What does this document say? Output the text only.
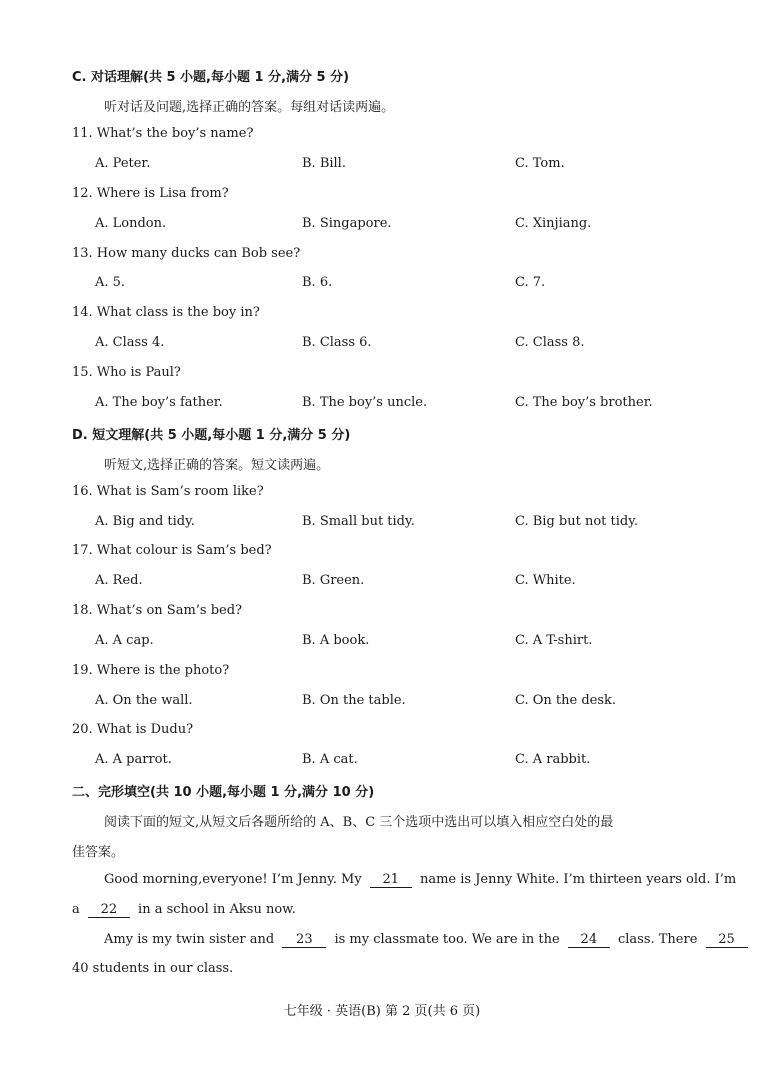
C. 对话理解(共 5 小题,每小题 1 分,满分 5 分)
听对话及问题,选择正确的答案。每组对话读两遍。
11. What’s the boy’s name?
A. Peter.	B. Bill.	C. Tom.
12. Where is Lisa from?
A. London.	B. Singapore.	C. Xinjiang.
13. How many ducks can Bob see?
A. 5.	B. 6.	C. 7.
14. What class is the boy in?
A. Class 4.	B. Class 6.	C. Class 8.
15. Who is Paul?
A. The boy’s father.	B. The boy’s uncle.	C. The boy’s brother.
D. 短文理解(共 5 小题,每小题 1 分,满分 5 分)
听短文,选择正确的答案。短文读两遍。
16. What is Sam’s room like?
A. Big and tidy.	B. Small but tidy.	C. Big but not tidy.
17. What colour is Sam’s bed?
A. Red.	B. Green.	C. White.
18. What’s on Sam’s bed?
A. A cap.	B. A book.	C. A T-shirt.
19. Where is the photo?
A. On the wall.	B. On the table.	C. On the desk.
20. What is Dudu?
A. A parrot.	B. A cat.	C. A rabbit.
二、完形填空(共 10 小题,每小题 1 分,满分 10 分)
阅读下面的短文,从短文后各题所给的 A、B、C 三个选项中选出可以填入相应空白处的最
佳答案。
Good morning,everyone! I’m Jenny. My 21 name is Jenny White. I’m thirteen years old. I’m
a 22 in a school in Aksu now.
Amy is my twin sister and 23 is my classmate too. We are in the 24 class. There 25
40 students in our class.
七年级 · 英语(B) 第 2 页(共 6 页)
